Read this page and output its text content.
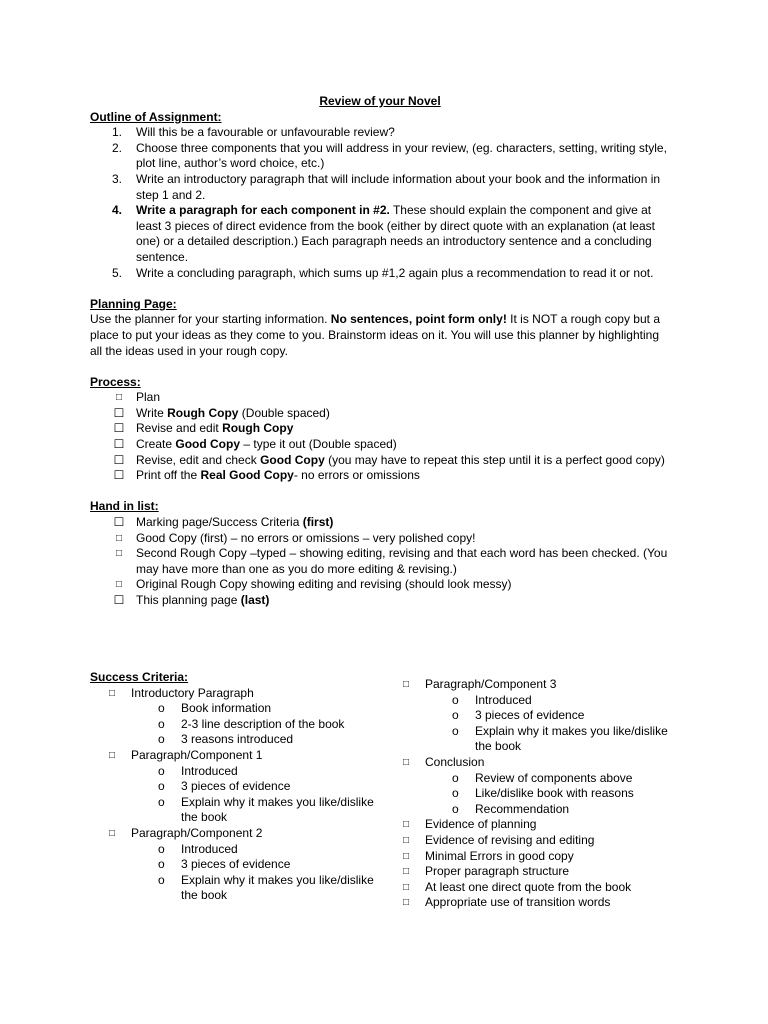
Review of your Novel
Outline of Assignment:
1. Will this be a favourable or unfavourable review?
2. Choose three components that you will address in your review, (eg. characters, setting, writing style, plot line, author’s word choice, etc.)
3. Write an introductory paragraph that will include information about your book and the information in step 1 and 2.
4. Write a paragraph for each component in #2. These should explain the component and give at least 3 pieces of direct evidence from the book (either by direct quote with an explanation (at least one) or a detailed description.) Each paragraph needs an introductory sentence and a concluding sentence.
5. Write a concluding paragraph, which sums up #1,2 again plus a recommendation to read it or not.
Planning Page:
Use the planner for your starting information. No sentences, point form only! It is NOT a rough copy but a place to put your ideas as they come to you. Brainstorm ideas on it. You will use this planner by highlighting all the ideas used in your rough copy.
Process:
□	Plan
☐ Write Rough Copy (Double spaced)
☐ Revise and edit Rough Copy
☐ Create Good Copy – type it out (Double spaced)
☐ Revise, edit and check Good Copy (you may have to repeat this step until it is a perfect good copy)
☐ Print off the Real Good Copy- no errors or omissions
Hand in list:
☐ Marking page/Success Criteria (first)
□	Good Copy (first) – no errors or omissions – very polished copy!
□	Second Rough Copy –typed – showing editing, revising and that each word has been checked. (You may have more than one as you do more editing & revising.)
□	Original Rough Copy showing editing and revising (should look messy)
☐ This planning page (last)
Success Criteria:
□ Introductory Paragraph
o Book information
o 2-3 line description of the book
o 3 reasons introduced
□ Paragraph/Component 1
o Introduced
o 3 pieces of evidence
o Explain why it makes you like/dislike the book
□ Paragraph/Component 2
o Introduced
o 3 pieces of evidence
o Explain why it makes you like/dislike the book
□ Paragraph/Component 3
o Introduced
o 3 pieces of evidence
o Explain why it makes you like/dislike the book
□ Conclusion
o Review of components above
o Like/dislike book with reasons
o Recommendation
□ Evidence of planning
□ Evidence of revising and editing
□ Minimal Errors in good copy
□ Proper paragraph structure
□ At least one direct quote from the book
□ Appropriate use of transition words
